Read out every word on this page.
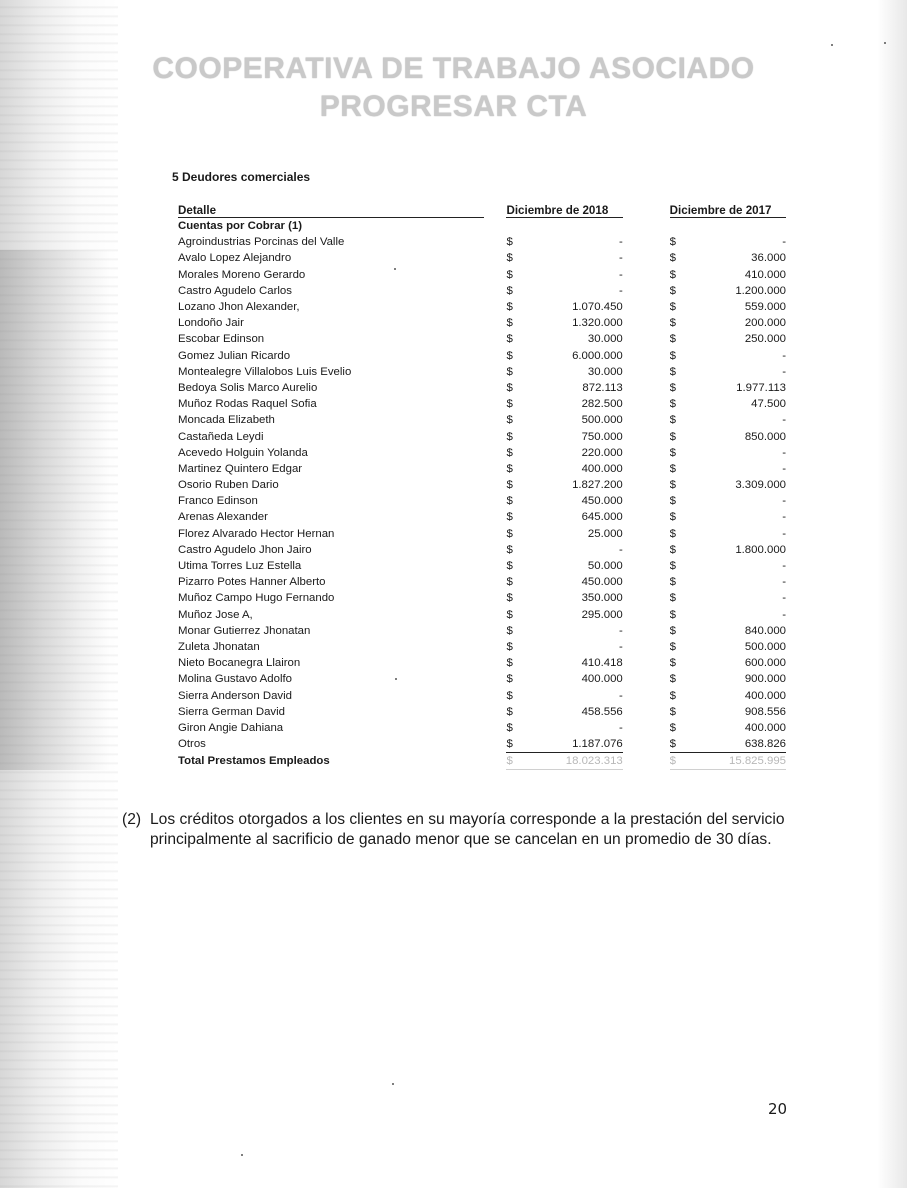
COOPERATIVA DE TRABAJO ASOCIADO
PROGRESAR CTA
5 Deudores comerciales
Detalle		Diciembre de 2018			Diciembre de 2017	
Cuentas por Cobrar (1)						
Agroindustrias Porcinas del Valle		$	-		$	-
Avalo Lopez Alejandro		$	-		$	36.000
Morales Moreno Gerardo		$	-		$	410.000
Castro Agudelo Carlos		$	-		$	1.200.000
Lozano Jhon Alexander,		$	1.070.450		$	559.000
Londoño Jair		$	1.320.000		$	200.000
Escobar Edinson		$	30.000		$	250.000
Gomez Julian Ricardo		$	6.000.000		$	-
Montealegre Villalobos Luis Evelio		$	30.000		$	-
Bedoya Solis Marco Aurelio		$	872.113		$	1.977.113
Muñoz Rodas Raquel Sofia		$	282.500		$	47.500
Moncada Elizabeth		$	500.000		$	-
Castañeda Leydi		$	750.000		$	850.000
Acevedo Holguin Yolanda		$	220.000		$	-
Martinez Quintero Edgar		$	400.000		$	-
Osorio Ruben Dario		$	1.827.200		$	3.309.000
Franco Edinson		$	450.000		$	-
Arenas Alexander		$	645.000		$	-
Florez Alvarado Hector Hernan		$	25.000		$	-
Castro Agudelo Jhon Jairo		$	-		$	1.800.000
Utima Torres Luz Estella		$	50.000		$	-
Pizarro Potes Hanner Alberto		$	450.000		$	-
Muñoz Campo Hugo Fernando		$	350.000		$	-
Muñoz Jose A,		$	295.000		$	-
Monar Gutierrez Jhonatan		$	-		$	840.000
Zuleta Jhonatan		$	-		$	500.000
Nieto Bocanegra Llairon		$	410.418		$	600.000
Molina Gustavo Adolfo		$	400.000		$	900.000
Sierra Anderson David		$	-		$	400.000
Sierra German David		$	458.556		$	908.556
Giron Angie Dahiana		$	-		$	400.000
Otros		$	1.187.076		$	638.826
Total Prestamos Empleados		$	18.023.313		$	15.825.995
(2) Los créditos otorgados a los clientes en su mayoría corresponde a la prestación del servicio principalmente al sacrificio de ganado menor que se cancelan en un promedio de 30 días.
20
